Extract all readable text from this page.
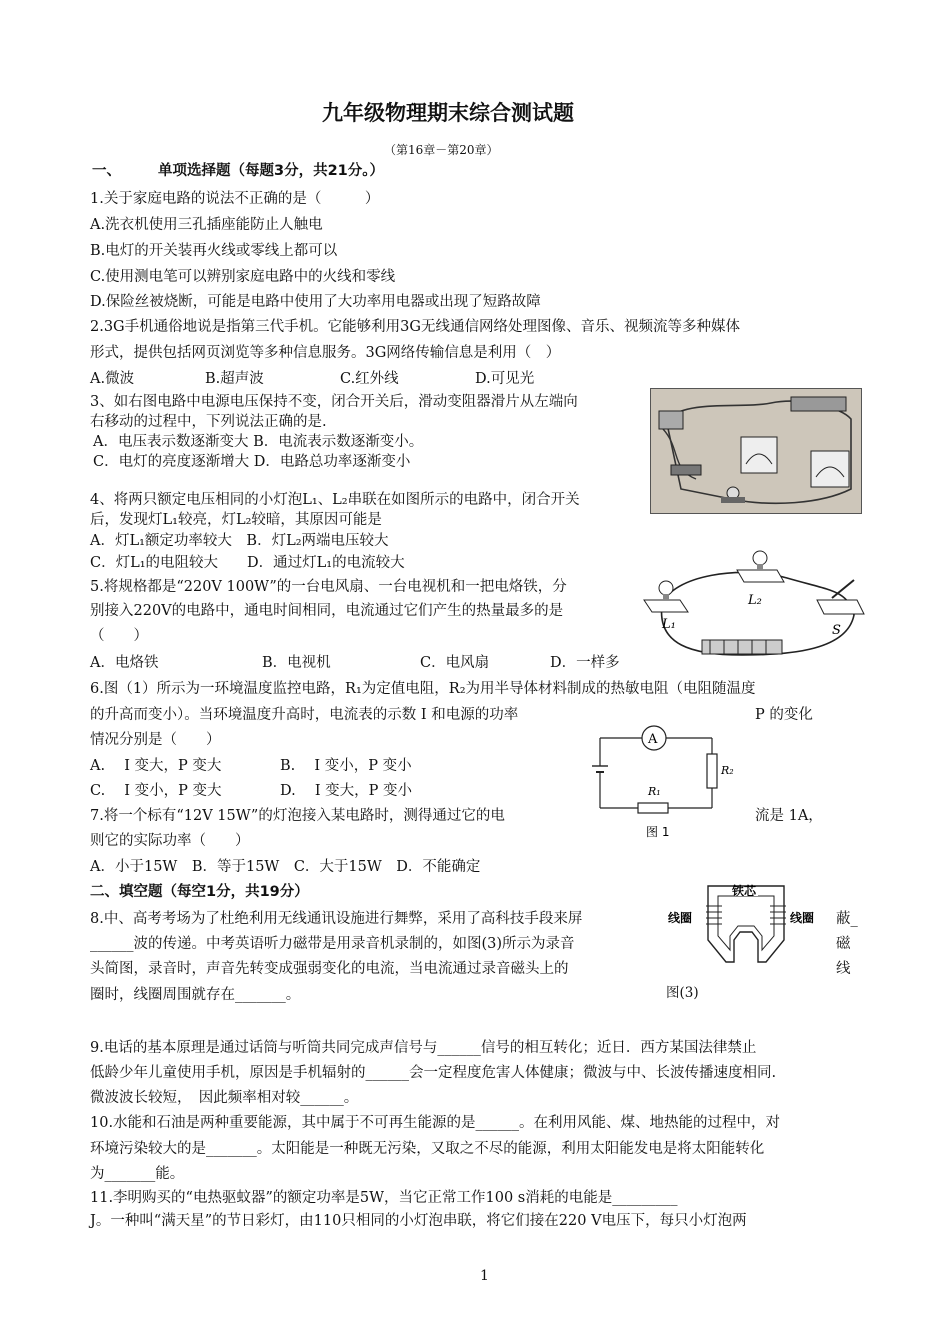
九年级物理期末综合测试题
（第16章－第20章）
一、	单项选择题（每题3分，共21分。）
1.关于家庭电路的说法不正确的是（　　　）
A.洗衣机使用三孔插座能防止人触电
B.电灯的开关装再火线或零线上都可以
C.使用测电笔可以辨别家庭电路中的火线和零线
D.保险丝被烧断，可能是电路中使用了大功率用电器或出现了短路故障
2.3G手机通俗地说是指第三代手机。它能够利用3G无线通信网络处理图像、音乐、视频流等多种媒体
形式，提供包括网页浏览等多种信息服务。3G网络传输信息是利用（　）
A.微波	B.超声波	C.红外线	D.可见光
3、如右图电路中电源电压保持不变，闭合开关后，滑动变阻器滑片从左端向
右移动的过程中，下列说法正确的是.
A．电压表示数逐渐变大 B．电流表示数逐渐变小。
C．电灯的亮度逐渐增大 D．电路总功率逐渐变小
4、将两只额定电压相同的小灯泡L₁、L₂串联在如图所示的电路中，闭合开关
后，发现灯L₁较亮，灯L₂较暗，其原因可能是
A．灯L₁额定功率较大　B．灯L₂两端电压较大
C．灯L₁的电阻较大　　D．通过灯L₁的电流较大
L₁
L₂
S
5.将规格都是“220V 100W”的一台电风扇、一台电视机和一把电烙铁，分
别接入220V的电路中，通电时间相同，电流通过它们产生的热量最多的是
（　　）
A．电烙铁	B．电视机	C．电风扇	D．一样多
6.图（1）所示为一环境温度监控电路，R₁为定值电阻，R₂为用半导体材料制成的热敏电阻（电阻随温度
的升高而变小）。当环境温度升高时，电流表的示数 I 和电源的功率	P 的变化
情况分别是（　　）
A.　 I 变大，P 变大	B.　 I 变小，P 变小
C.　 I 变小，P 变大	D.　 I 变大，P 变小
A
R₂
R₁
图 1
7.将一个标有“12V 15W”的灯泡接入某电路时，测得通过它的电	流是 1A，
则它的实际功率（　　）
A．小于15W　B．等于15W　C．大于15W　D．不能确定
二、填空题（每空1分，共19分）	铁芯
线圈	线圈
图(3)
8.中、高考考场为了杜绝利用无线通讯设施进行舞弊，采用了高科技手段来屏	蔽_
______波的传递。中考英语听力磁带是用录音机录制的，如图(3)所示为录音	磁
头简图，录音时，声音先转变成强弱变化的电流，当电流通过录音磁头上的	线
圈时，线圈周围就存在_______。
9.电话的基本原理是通过话筒与听筒共同完成声信号与______信号的相互转化；近日．西方某国法律禁止
低龄少年儿童使用手机，原因是手机辐射的______会一定程度危害人体健康；微波与中、长波传播速度相同.
微波波长较短，　因此频率相对较______。
10.水能和石油是两种重要能源，其中属于不可再生能源的是______。在利用风能、煤、地热能的过程中，对
环境污染较大的是_______。太阳能是一种既无污染，又取之不尽的能源，利用太阳能发电是将太阳能转化
为_______能。
11.李明购买的“电热驱蚊器”的额定功率是5W，当它正常工作100 s消耗的电能是_________
J。一种叫“满天星”的节日彩灯，由110只相同的小灯泡串联，将它们接在220 V电压下，每只小灯泡两
1
